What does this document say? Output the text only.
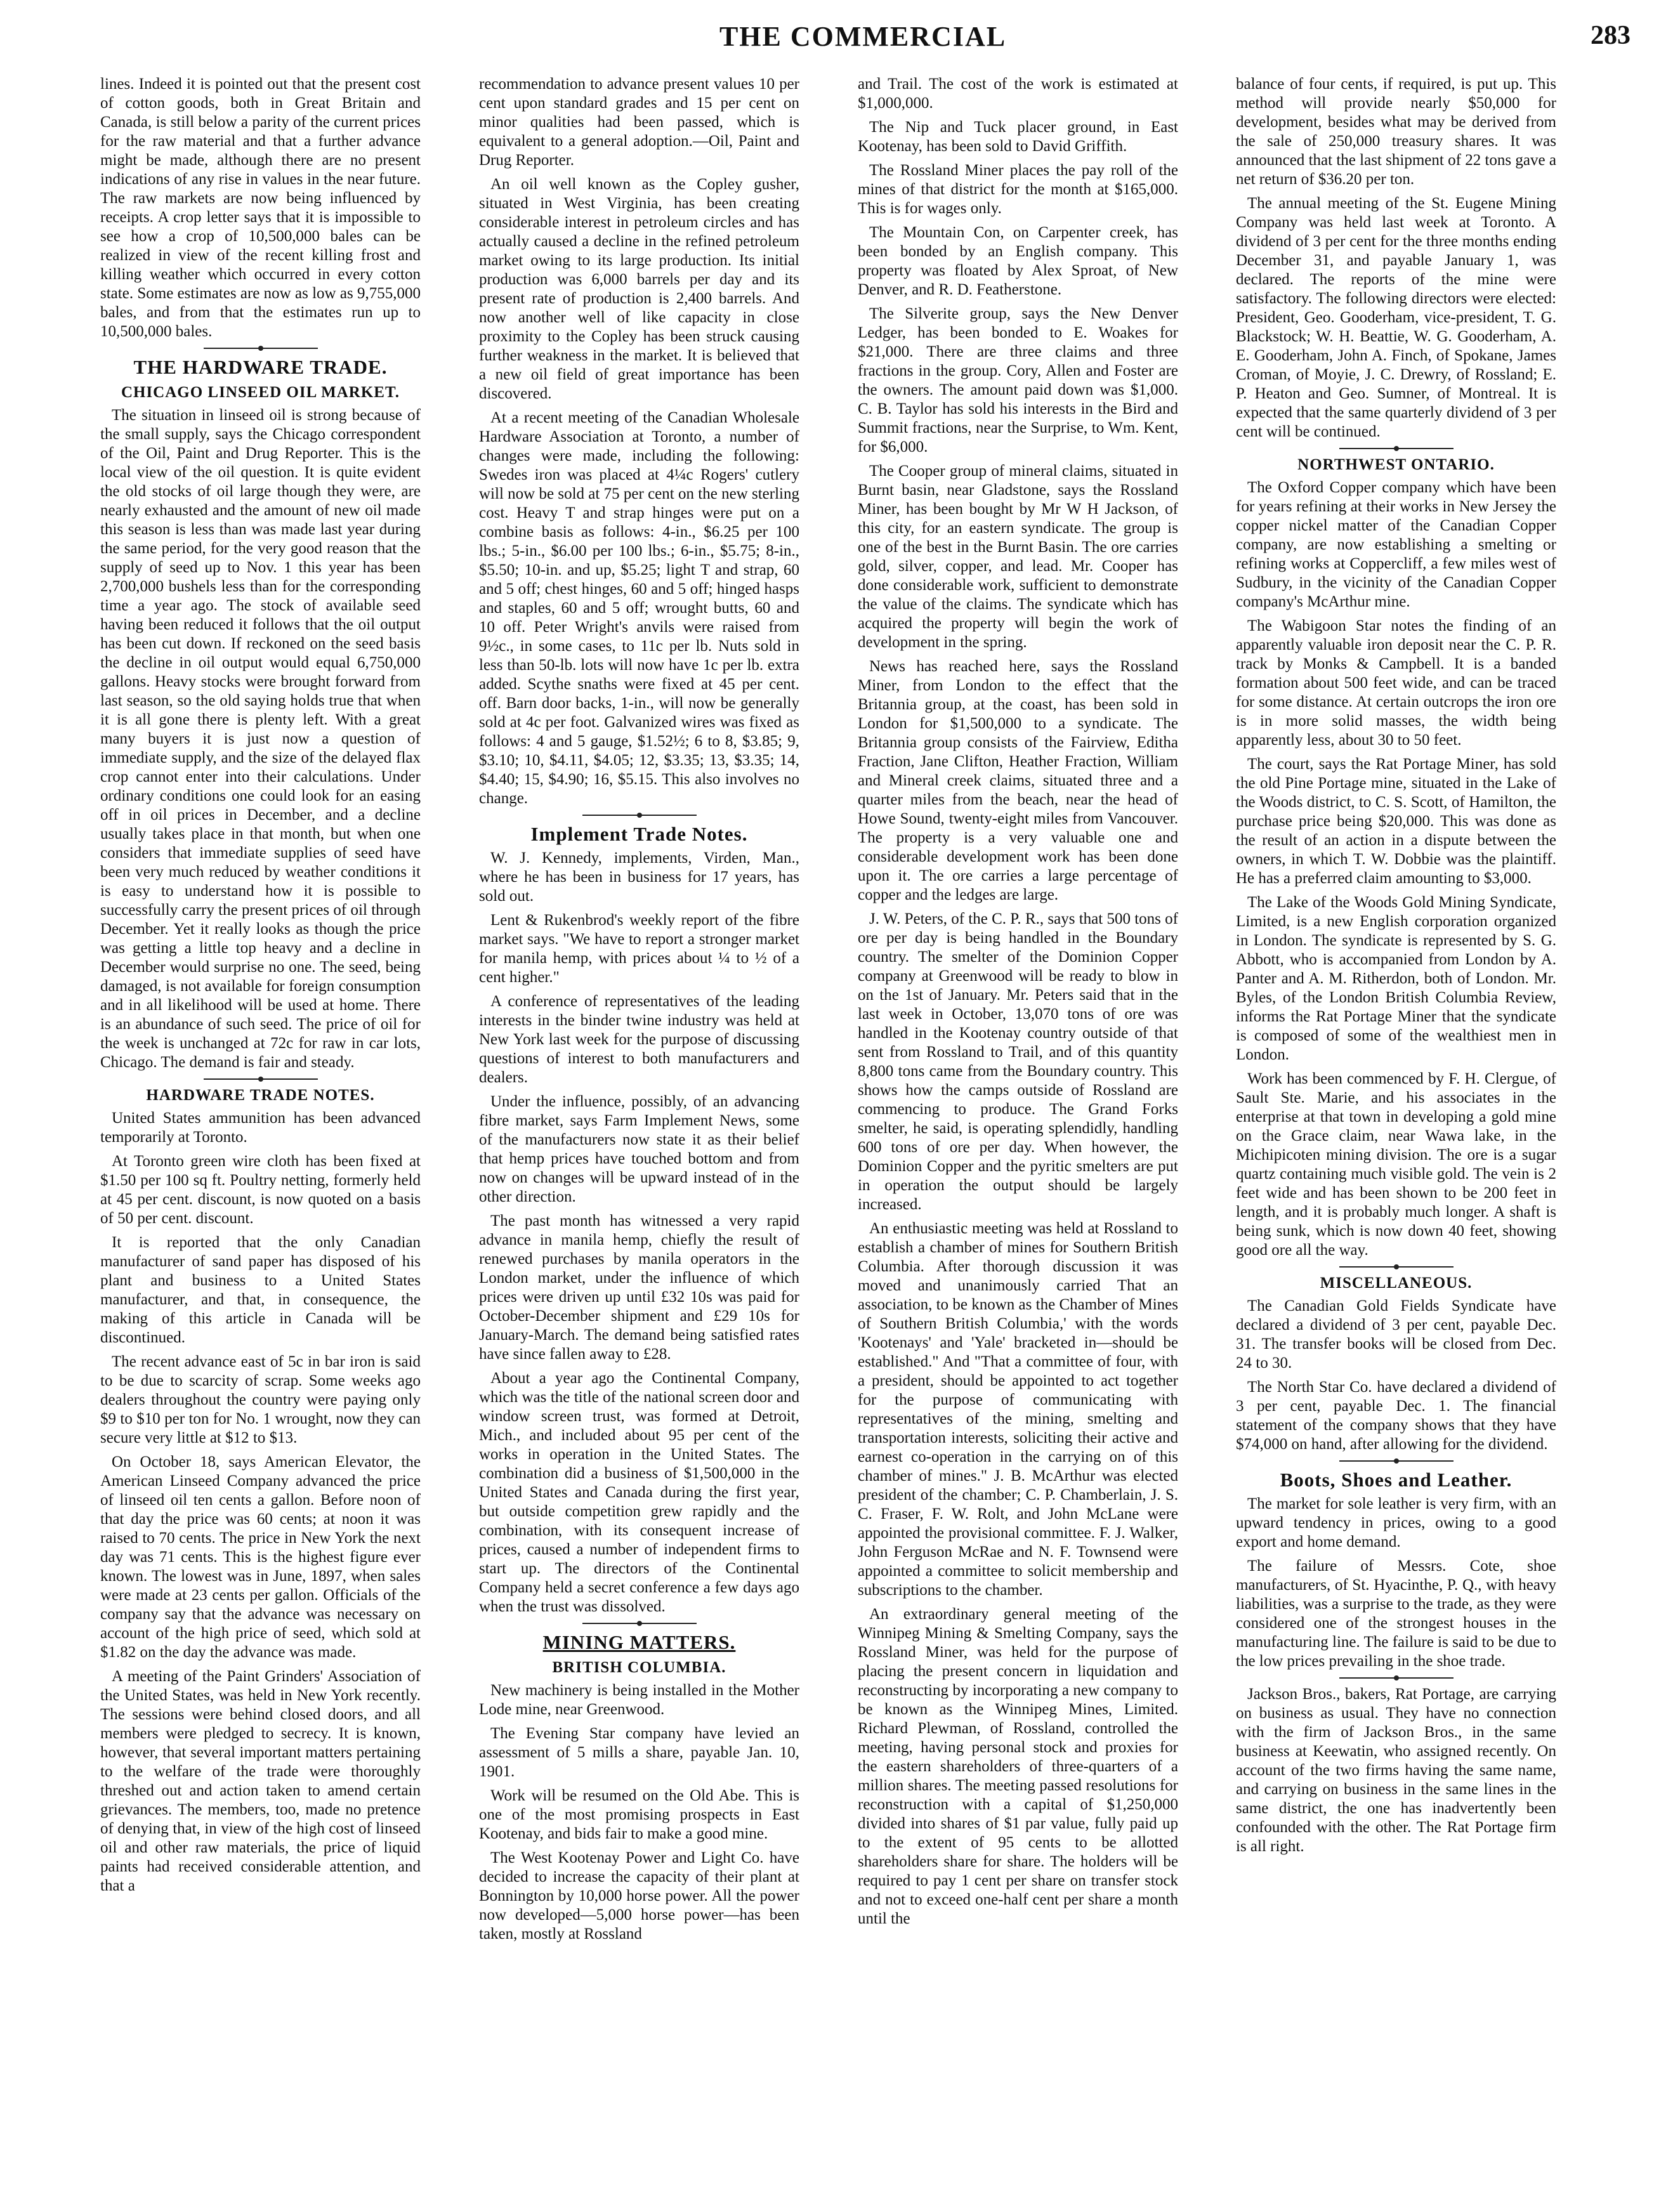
THE COMMERCIAL	283

lines. Indeed it is pointed out that the present cost of cotton goods, both in Great Britain and Canada, is still below a parity of the current prices for the raw material and that a further advance might be made, although there are no present indications of any rise in values in the near future. The raw markets are now being influenced by receipts. A crop letter says that it is impossible to see how a crop of 10,500,000 bales can be realized in view of the recent killing frost and killing weather which occurred in every cotton state. Some estimates are now as low as 9,755,000 bales, and from that the estimates run up to 10,500,000 bales.

THE HARDWARE TRADE.
CHICAGO LINSEED OIL MARKET.

The situation in linseed oil is strong because of the small supply, says the Chicago correspondent of the Oil, Paint and Drug Reporter. This is the local view of the oil question. It is quite evident the old stocks of oil large though they were, are nearly exhausted and the amount of new oil made this season is less than was made last year during the same period, for the very good reason that the supply of seed up to Nov. 1 this year has been 2,700,000 bushels less than for the corresponding time a year ago. The stock of available seed having been reduced it follows that the oil output has been cut down. If reckoned on the seed basis the decline in oil output would equal 6,750,000 gallons. Heavy stocks were brought forward from last season, so the old saying holds true that when it is all gone there is plenty left. With a great many buyers it is just now a question of immediate supply, and the size of the delayed flax crop cannot enter into their calculations. Under ordinary conditions one could look for an easing off in oil prices in December, and a decline usually takes place in that month, but when one considers that immediate supplies of seed have been very much reduced by weather conditions it is easy to understand how it is possible to successfully carry the present prices of oil through December. Yet it really looks as though the price was getting a little top heavy and a decline in December would surprise no one. The seed, being damaged, is not available for foreign consumption and in all likelihood will be used at home. There is an abundance of such seed. The price of oil for the week is unchanged at 72c for raw in car lots, Chicago. The demand is fair and steady.

HARDWARE TRADE NOTES.

United States ammunition has been advanced temporarily at Toronto.

At Toronto green wire cloth has been fixed at $1.50 per 100 sq ft. Poultry netting, formerly held at 45 per cent. discount, is now quoted on a basis of 50 per cent. discount.

It is reported that the only Canadian manufacturer of sand paper has disposed of his plant and business to a United States manufacturer, and that, in consequence, the making of this article in Canada will be discontinued.

The recent advance east of 5c in bar iron is said to be due to scarcity of scrap. Some weeks ago dealers throughout the country were paying only $9 to $10 per ton for No. 1 wrought, now they can secure very little at $12 to $13.

On October 18, says American Elevator, the American Linseed Company advanced the price of linseed oil ten cents a gallon. Before noon of that day the price was 60 cents; at noon it was raised to 70 cents. The price in New York the next day was 71 cents. This is the highest figure ever known. The lowest was in June, 1897, when sales were made at 23 cents per gallon. Officials of the company say that the advance was necessary on account of the high price of seed, which sold at $1.82 on the day the advance was made.

A meeting of the Paint Grinders' Association of the United States, was held in New York recently. The sessions were behind closed doors, and all members were pledged to secrecy. It is known, however, that several important matters pertaining to the welfare of the trade were thoroughly threshed out and action taken to amend certain grievances. The members, too, made no pretence of denying that, in view of the high cost of linseed oil and other raw materials, the price of liquid paints had received considerable attention, and that a

recommendation to advance present values 10 per cent upon standard grades and 15 per cent on minor qualities had been passed, which is equivalent to a general adoption.—Oil, Paint and Drug Reporter.

An oil well known as the Copley gusher, situated in West Virginia, has been creating considerable interest in petroleum circles and has actually caused a decline in the refined petroleum market owing to its large production. Its initial production was 6,000 barrels per day and its present rate of production is 2,400 barrels. And now another well of like capacity in close proximity to the Copley has been struck causing further weakness in the market. It is believed that a new oil field of great importance has been discovered.

At a recent meeting of the Canadian Wholesale Hardware Association at Toronto, a number of changes were made, including the following: Swedes iron was placed at 4¼c Rogers' cutlery will now be sold at 75 per cent on the new sterling cost. Heavy T and strap hinges were put on a combine basis as follows: 4-in., $6.25 per 100 lbs.; 5-in., $6.00 per 100 lbs.; 6-in., $5.75; 8-in., $5.50; 10-in. and up, $5.25; light T and strap, 60 and 5 off; chest hinges, 60 and 5 off; hinged hasps and staples, 60 and 5 off; wrought butts, 60 and 10 off. Peter Wright's anvils were raised from 9½c., in some cases, to 11c per lb. Nuts sold in less than 50-lb. lots will now have 1c per lb. extra added. Scythe snaths were fixed at 45 per cent. off. Barn door backs, 1-in., will now be generally sold at 4c per foot. Galvanized wires was fixed as follows: 4 and 5 gauge, $1.52½; 6 to 8, $3.85; 9, $3.10; 10, $4.11, $4.05; 12, $3.35; 13, $3.35; 14, $4.40; 15, $4.90; 16, $5.15. This also involves no change.

Implement Trade Notes.

W. J. Kennedy, implements, Virden, Man., where he has been in business for 17 years, has sold out.

Lent & Rukenbrod's weekly report of the fibre market says. "We have to report a stronger market for manila hemp, with prices about ¼ to ½ of a cent higher."

A conference of representatives of the leading interests in the binder twine industry was held at New York last week for the purpose of discussing questions of interest to both manufacturers and dealers.

Under the influence, possibly, of an advancing fibre market, says Farm Implement News, some of the manufacturers now state it as their belief that hemp prices have touched bottom and from now on changes will be upward instead of in the other direction.

The past month has witnessed a very rapid advance in manila hemp, chiefly the result of renewed purchases by manila operators in the London market, under the influence of which prices were driven up until £32 10s was paid for October-December shipment and £29 10s for January-March. The demand being satisfied rates have since fallen away to £28.

About a year ago the Continental Company, which was the title of the national screen door and window screen trust, was formed at Detroit, Mich., and included about 95 per cent of the works in operation in the United States. The combination did a business of $1,500,000 in the United States and Canada during the first year, but outside competition grew rapidly and the combination, with its consequent increase of prices, caused a number of independent firms to start up. The directors of the Continental Company held a secret conference a few days ago when the trust was dissolved.

MINING MATTERS.
BRITISH COLUMBIA.

New machinery is being installed in the Mother Lode mine, near Greenwood.

The Evening Star company have levied an assessment of 5 mills a share, payable Jan. 10, 1901.

Work will be resumed on the Old Abe. This is one of the most promising prospects in East Kootenay, and bids fair to make a good mine.

The West Kootenay Power and Light Co. have decided to increase the capacity of their plant at Bonnington by 10,000 horse power. All the power now developed—5,000 horse power—has been taken, mostly at Rossland

and Trail. The cost of the work is estimated at $1,000,000.

The Nip and Tuck placer ground, in East Kootenay, has been sold to David Griffith.

The Rossland Miner places the pay roll of the mines of that district for the month at $165,000. This is for wages only.

The Mountain Con, on Carpenter creek, has been bonded by an English company. This property was floated by Alex Sproat, of New Denver, and R. D. Featherstone.

The Silverite group, says the New Denver Ledger, has been bonded to E. Woakes for $21,000. There are three claims and three fractions in the group. Cory, Allen and Foster are the owners. The amount paid down was $1,000. C. B. Taylor has sold his interests in the Bird and Summit fractions, near the Surprise, to Wm. Kent, for $6,000.

The Cooper group of mineral claims, situated in Burnt basin, near Gladstone, says the Rossland Miner, has been bought by Mr W H Jackson, of this city, for an eastern syndicate. The group is one of the best in the Burnt Basin. The ore carries gold, silver, copper, and lead. Mr. Cooper has done considerable work, sufficient to demonstrate the value of the claims. The syndicate which has acquired the property will begin the work of development in the spring.

News has reached here, says the Rossland Miner, from London to the effect that the Britannia group, at the coast, has been sold in London for $1,500,000 to a syndicate. The Britannia group consists of the Fairview, Editha Fraction, Jane Clifton, Heather Fraction, William and Mineral creek claims, situated three and a quarter miles from the beach, near the head of Howe Sound, twenty-eight miles from Vancouver. The property is a very valuable one and considerable development work has been done upon it. The ore carries a large percentage of copper and the ledges are large.

J. W. Peters, of the C. P. R., says that 500 tons of ore per day is being handled in the Boundary country. The smelter of the Dominion Copper company at Greenwood will be ready to blow in on the 1st of January. Mr. Peters said that in the last week in October, 13,070 tons of ore was handled in the Kootenay country outside of that sent from Rossland to Trail, and of this quantity 8,800 tons came from the Boundary country. This shows how the camps outside of Rossland are commencing to produce. The Grand Forks smelter, he said, is operating splendidly, handling 600 tons of ore per day. When however, the Dominion Copper and the pyritic smelters are put in operation the output should be largely increased.

An enthusiastic meeting was held at Rossland to establish a chamber of mines for Southern British Columbia. After thorough discussion it was moved and unanimously carried That an association, to be known as the Chamber of Mines of Southern British Columbia,' with the words 'Kootenays' and 'Yale' bracketed in—should be established." And "That a committee of four, with a president, should be appointed to act together for the purpose of communicating with representatives of the mining, smelting and transportation interests, soliciting their active and earnest co-operation in the carrying on of this chamber of mines." J. B. McArthur was elected president of the chamber; C. P. Chamberlain, J. S. C. Fraser, F. W. Rolt, and John McLane were appointed the provisional committee. F. J. Walker, John Ferguson McRae and N. F. Townsend were appointed a committee to solicit membership and subscriptions to the chamber.

An extraordinary general meeting of the Winnipeg Mining & Smelting Company, says the Rossland Miner, was held for the purpose of placing the present concern in liquidation and reconstructing by incorporating a new company to be known as the Winnipeg Mines, Limited. Richard Plewman, of Rossland, controlled the meeting, having personal stock and proxies for the eastern shareholders of three-quarters of a million shares. The meeting passed resolutions for reconstruction with a capital of $1,250,000 divided into shares of $1 par value, fully paid up to the extent of 95 cents to be allotted shareholders share for share. The holders will be required to pay 1 cent per share on transfer stock and not to exceed one-half cent per share a month until the

balance of four cents, if required, is put up. This method will provide nearly $50,000 for development, besides what may be derived from the sale of 250,000 treasury shares. It was announced that the last shipment of 22 tons gave a net return of $36.20 per ton.

The annual meeting of the St. Eugene Mining Company was held last week at Toronto. A dividend of 3 per cent for the three months ending December 31, and payable January 1, was declared. The reports of the mine were satisfactory. The following directors were elected: President, Geo. Gooderham, vice-president, T. G. Blackstock; W. H. Beattie, W. G. Gooderham, A. E. Gooderham, John A. Finch, of Spokane, James Croman, of Moyie, J. C. Drewry, of Rossland; E. P. Heaton and Geo. Sumner, of Montreal. It is expected that the same quarterly dividend of 3 per cent will be continued.

NORTHWEST ONTARIO.

The Oxford Copper company which have been for years refining at their works in New Jersey the copper nickel matter of the Canadian Copper company, are now establishing a smelting or refining works at Coppercliff, a few miles west of Sudbury, in the vicinity of the Canadian Copper company's McArthur mine.

The Wabigoon Star notes the finding of an apparently valuable iron deposit near the C. P. R. track by Monks & Campbell. It is a banded formation about 500 feet wide, and can be traced for some distance. At certain outcrops the iron ore is in more solid masses, the width being apparently less, about 30 to 50 feet.

The court, says the Rat Portage Miner, has sold the old Pine Portage mine, situated in the Lake of the Woods district, to C. S. Scott, of Hamilton, the purchase price being $20,000. This was done as the result of an action in a dispute between the owners, in which T. W. Dobbie was the plaintiff. He has a preferred claim amounting to $3,000.

The Lake of the Woods Gold Mining Syndicate, Limited, is a new English corporation organized in London. The syndicate is represented by S. G. Abbott, who is accompanied from London by A. Panter and A. M. Ritherdon, both of London. Mr. Byles, of the London British Columbia Review, informs the Rat Portage Miner that the syndicate is composed of some of the wealthiest men in London.

Work has been commenced by F. H. Clergue, of Sault Ste. Marie, and his associates in the enterprise at that town in developing a gold mine on the Grace claim, near Wawa lake, in the Michipicoten mining division. The ore is a sugar quartz containing much visible gold. The vein is 2 feet wide and has been shown to be 200 feet in length, and it is probably much longer. A shaft is being sunk, which is now down 40 feet, showing good ore all the way.

MISCELLANEOUS.

The Canadian Gold Fields Syndicate have declared a dividend of 3 per cent, payable Dec. 31. The transfer books will be closed from Dec. 24 to 30.

The North Star Co. have declared a dividend of 3 per cent, payable Dec. 1. The financial statement of the company shows that they have $74,000 on hand, after allowing for the dividend.

Boots, Shoes and Leather.

The market for sole leather is very firm, with an upward tendency in prices, owing to a good export and home demand.

The failure of Messrs. Cote, shoe manufacturers, of St. Hyacinthe, P. Q., with heavy liabilities, was a surprise to the trade, as they were considered one of the strongest houses in the manufacturing line. The failure is said to be due to the low prices prevailing in the shoe trade.

Jackson Bros., bakers, Rat Portage, are carrying on business as usual. They have no connection with the firm of Jackson Bros., in the same business at Keewatin, who assigned recently. On account of the two firms having the same name, and carrying on business in the same lines in the same district, the one has inadvertently been confounded with the other. The Rat Portage firm is all right.
